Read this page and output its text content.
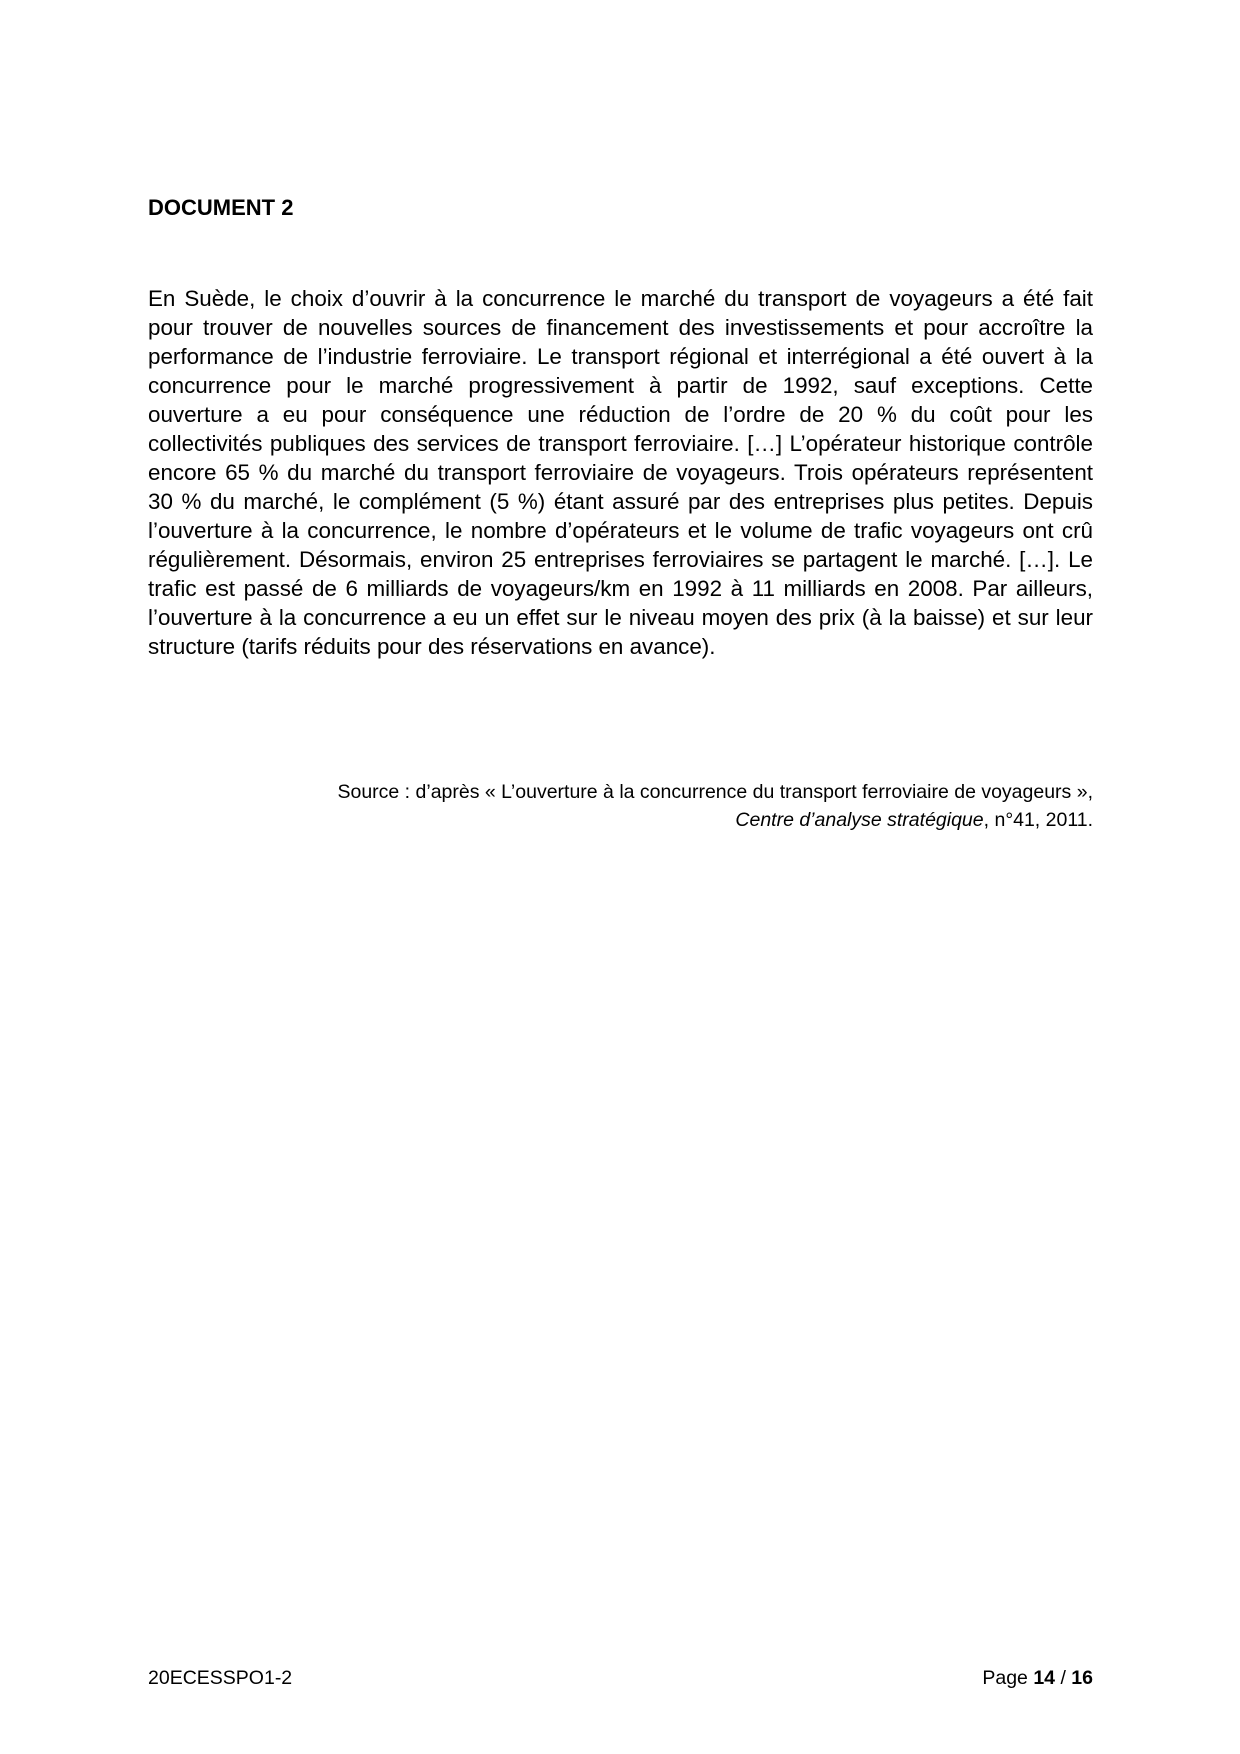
DOCUMENT 2

En Suède, le choix d’ouvrir à la concurrence le marché du transport de voyageurs a été fait pour trouver de nouvelles sources de financement des investissements et pour accroître la performance de l’industrie ferroviaire. Le transport régional et interrégional a été ouvert à la concurrence pour le marché progressivement à partir de 1992, sauf exceptions. Cette ouverture a eu pour conséquence une réduction de l’ordre de 20 % du coût pour les collectivités publiques des services de transport ferroviaire. […] L’opérateur historique contrôle encore 65 % du marché du transport ferroviaire de voyageurs. Trois opérateurs représentent 30 % du marché, le complément (5 %) étant assuré par des entreprises plus petites. Depuis l’ouverture à la concurrence, le nombre d’opérateurs et le volume de trafic voyageurs ont crû régulièrement. Désormais, environ 25 entreprises ferroviaires se partagent le marché. […]. Le trafic est passé de 6 milliards de voyageurs/km en 1992 à 11 milliards en 2008. Par ailleurs, l’ouverture à la concurrence a eu un effet sur le niveau moyen des prix (à la baisse) et sur leur structure (tarifs réduits pour des réservations en avance).

Source : d’après « L’ouverture à la concurrence du transport ferroviaire de voyageurs »,
Centre d’analyse stratégique, n°41, 2011.
20ECESSPO1-2	Page 14 / 16
